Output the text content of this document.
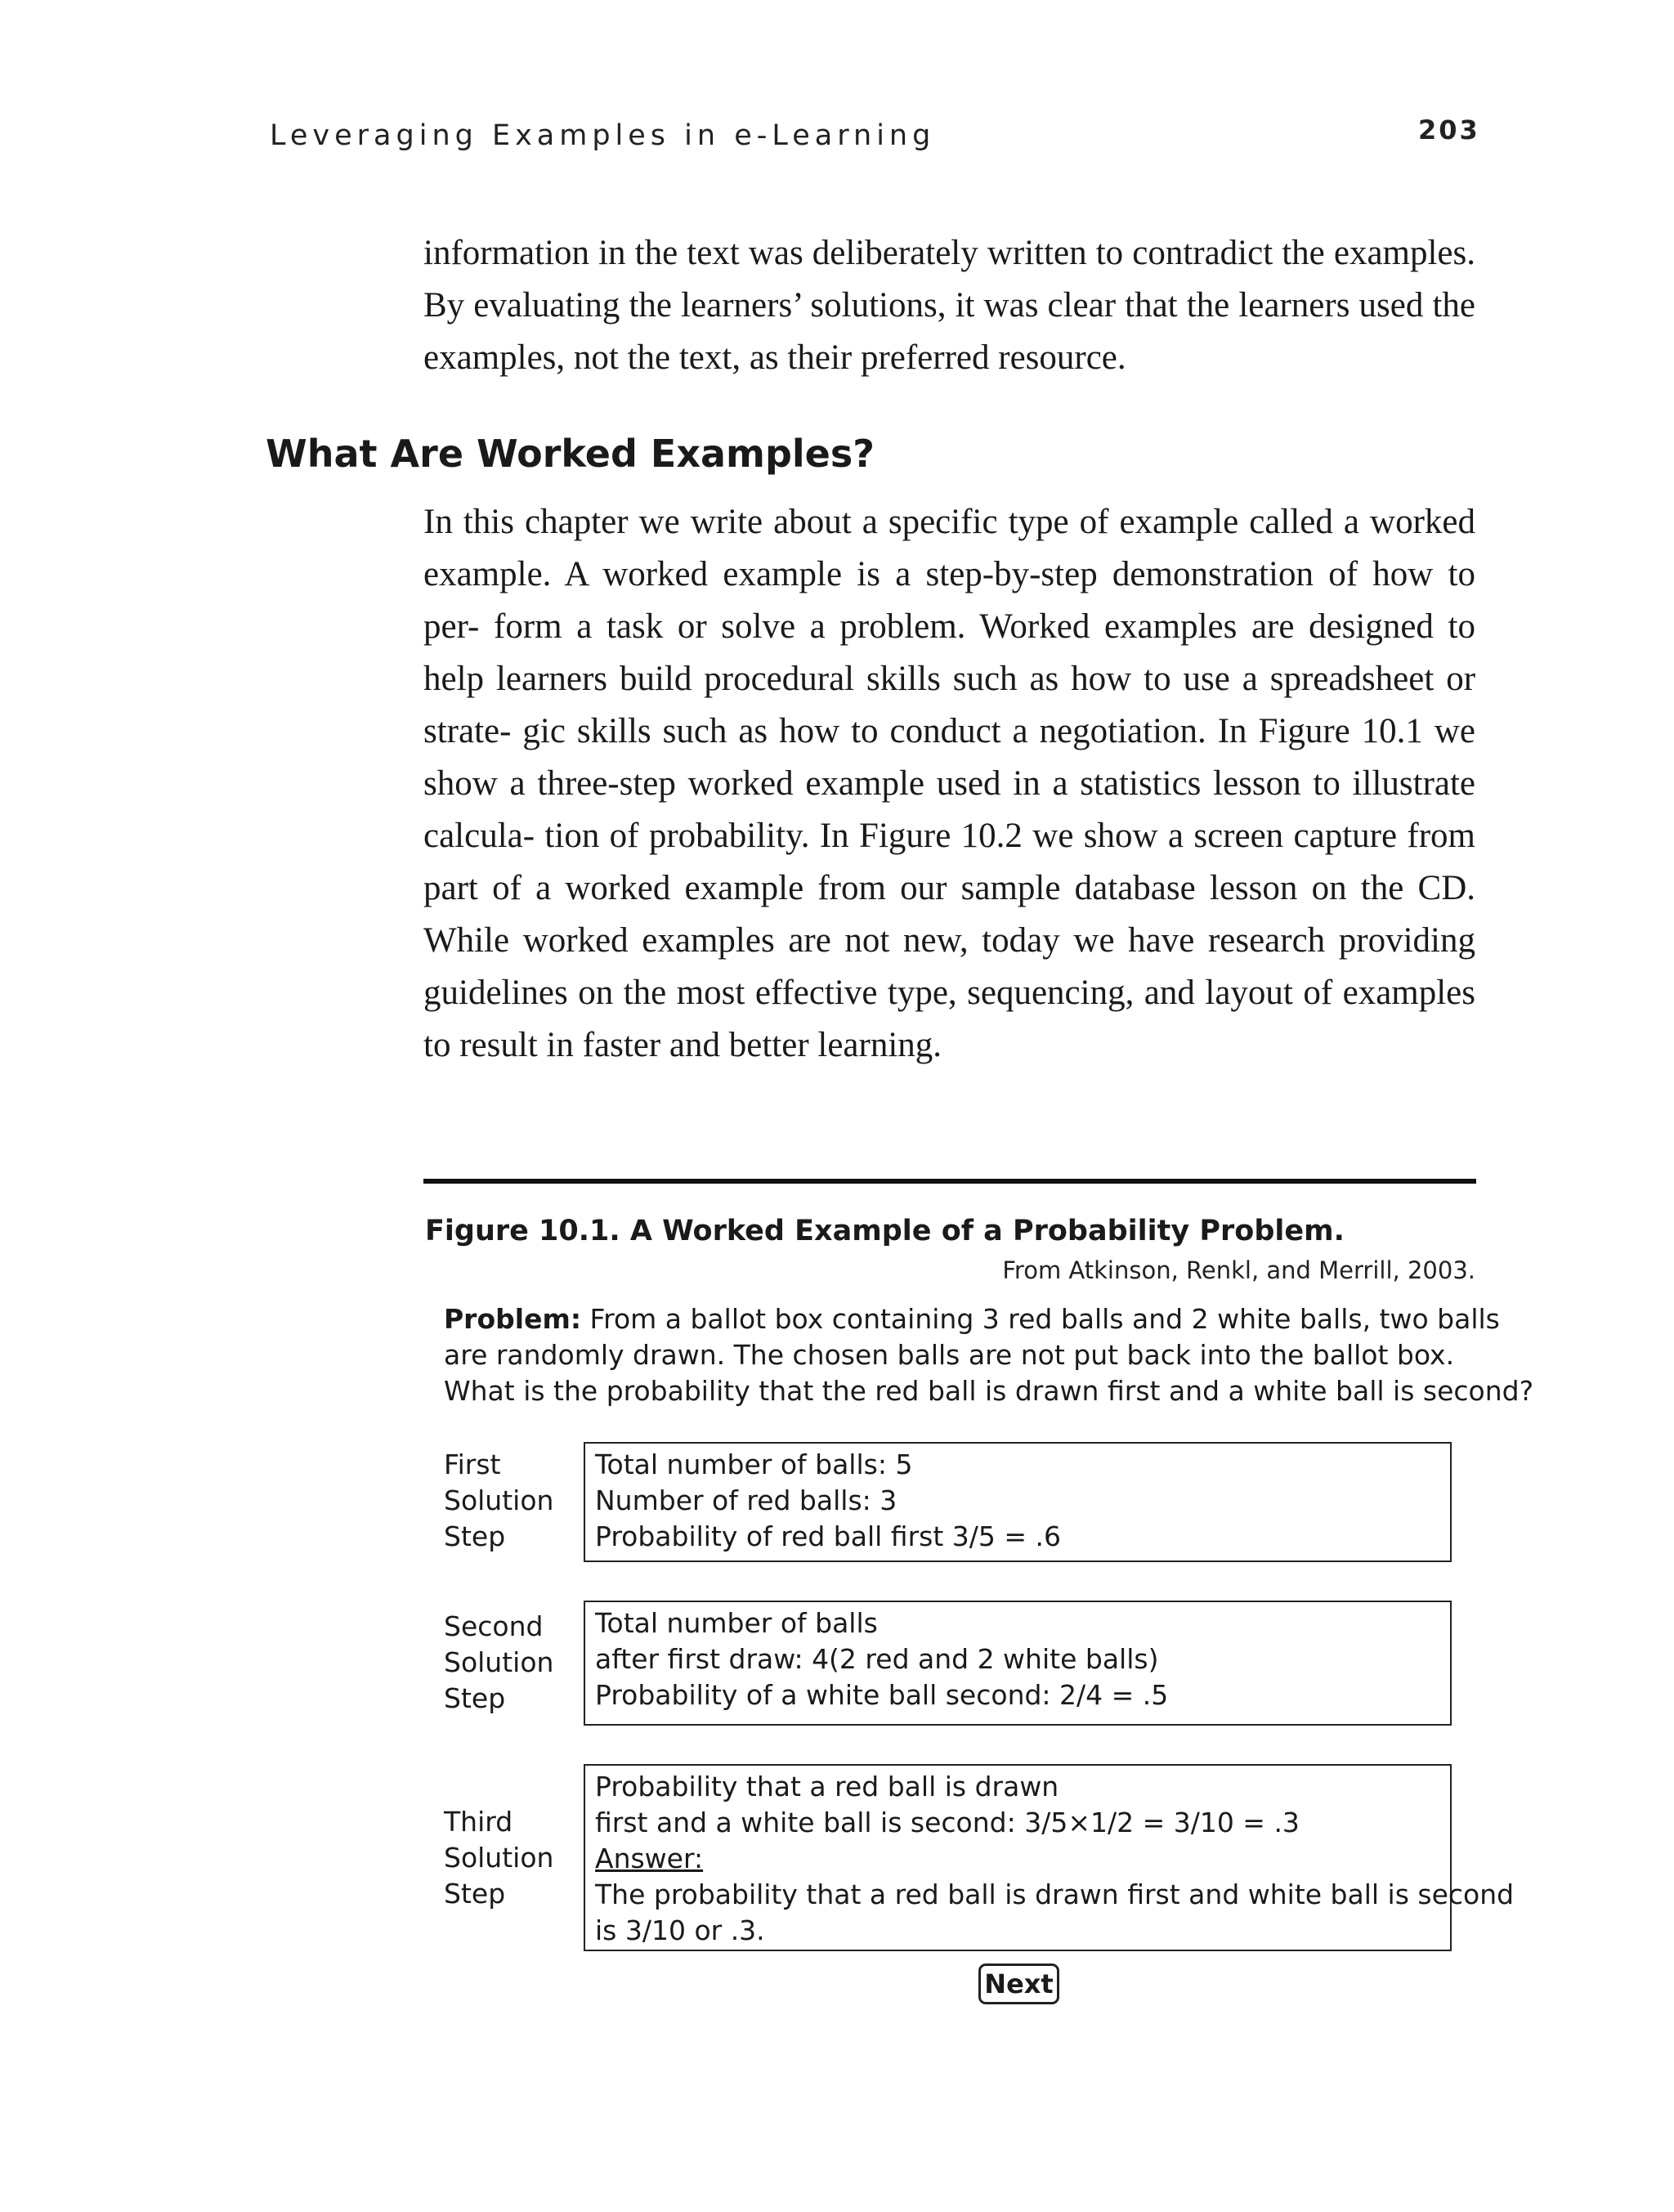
Leveraging Examples in e-Learning	203
information in the text was deliberately written to contradict the examples. By evaluating the learners’ solutions, it was clear that the learners used the examples, not the text, as their preferred resource.
What Are Worked Examples?
In this chapter we write about a specific type of example called a worked example. A worked example is a step-by-step demonstration of how to per- form a task or solve a problem. Worked examples are designed to help learners build procedural skills such as how to use a spreadsheet or strate- gic skills such as how to conduct a negotiation. In Figure 10.1 we show a three-step worked example used in a statistics lesson to illustrate calcula- tion of probability. In Figure 10.2 we show a screen capture from part of a worked example from our sample database lesson on the CD. While worked examples are not new, today we have research providing guidelines on the most effective type, sequencing, and layout of examples to result in faster and better learning.
Figure 10.1. A Worked Example of a Probability Problem.
From Atkinson, Renkl, and Merrill, 2003.
Problem: From a ballot box containing 3 red balls and 2 white balls, two balls
are randomly drawn. The chosen balls are not put back into the ballot box.
What is the probability that the red ball is drawn first and a white ball is second?
First
Solution
Step
Total number of balls: 5
Number of red balls: 3
Probability of red ball first 3/5 = .6
Second
Solution
Step
Total number of balls
after first draw: 4(2 red and 2 white balls)
Probability of a white ball second: 2/4 = .5
Third
Solution
Step
Probability that a red ball is drawn
first and a white ball is second: 3/5×1/2 = 3/10 = .3
Answer:
The probability that a red ball is drawn first and white ball is second
is 3/10 or .3.
Next
